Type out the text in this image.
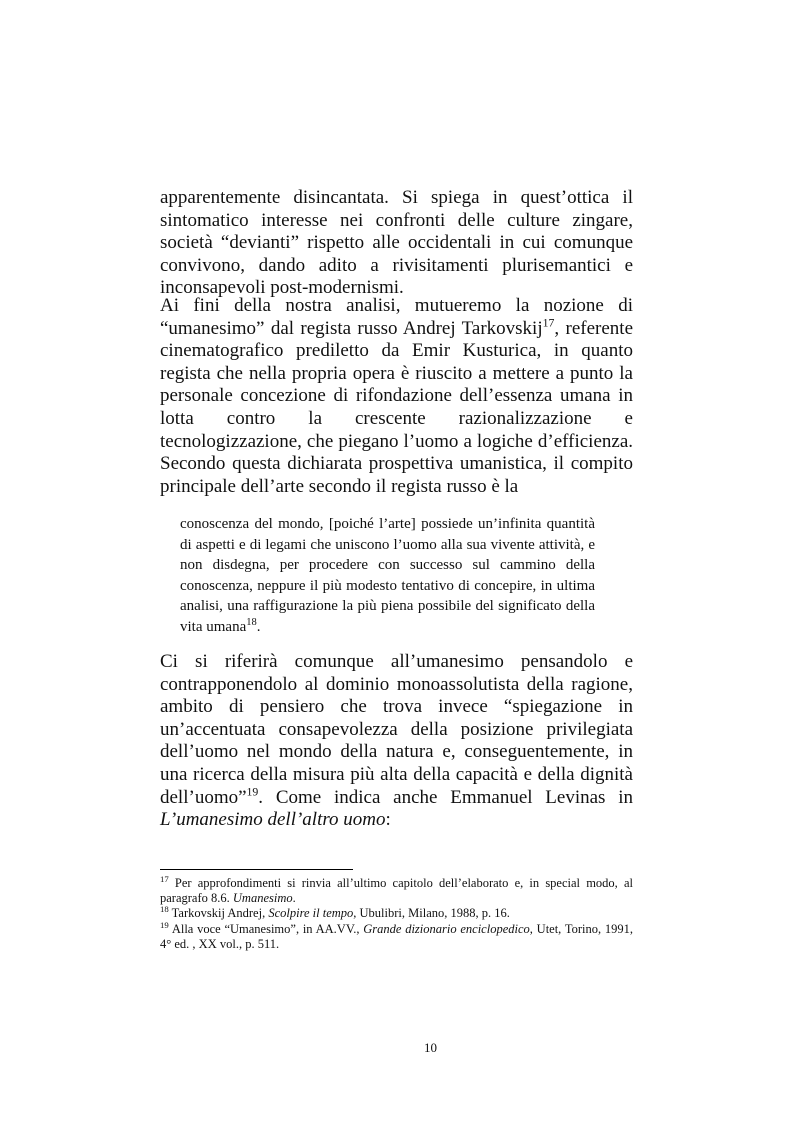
apparentemente disincantata. Si spiega in quest’ottica il sintomatico interesse nei confronti delle culture zingare, società “devianti” rispetto alle occidentali in cui comunque convivono, dando adito a rivisitamenti plurisemantici e inconsapevoli post-modernismi.

Ai fini della nostra analisi, mutueremo la nozione di “umanesimo” dal regista russo Andrej Tarkovskij$^{17}$, referente cinematografico prediletto da Emir Kusturica, in quanto regista che nella propria opera è riuscito a mettere a punto la personale concezione di rifondazione dell’essenza umana in lotta contro la crescente razionalizzazione e tecnologizzazione, che piegano l’uomo a logiche d’efficienza. Secondo questa dichiarata prospettiva umanistica, il compito principale dell’arte secondo il regista russo è la

conoscenza del mondo, [poiché l’arte] possiede un’infinita quantità di aspetti e di legami che uniscono l’uomo alla sua vivente attività, e non disdegna, per procedere con successo sul cammino della conoscenza, neppure il più modesto tentativo di concepire, in ultima analisi, una raffigurazione la più piena possibile del significato della vita umana$^{18}$.

Ci si riferirà comunque all’umanesimo pensandolo e contrapponendolo al dominio monoassolutista della ragione, ambito di pensiero che trova invece “spiegazione in un’accentuata consapevolezza della posizione privilegiata dell’uomo nel mondo della natura e, conseguentemente, in una ricerca della misura più alta della capacità e della dignità dell’uomo”$^{19}$. Come indica anche Emmanuel Levinas in L’umanesimo dell’altro uomo:

$^{17}$ Per approfondimenti si rinvia all’ultimo capitolo dell’elaborato e, in special modo, al paragrafo 8.6. Umanesimo.

$^{18}$ Tarkovskij Andrej, Scolpire il tempo, Ubulibri, Milano, 1988, p. 16.

$^{19}$ Alla voce “Umanesimo”, in AA.VV., Grande dizionario enciclopedico, Utet, Torino, 1991, 4° ed. , XX vol., p. 511.

10
